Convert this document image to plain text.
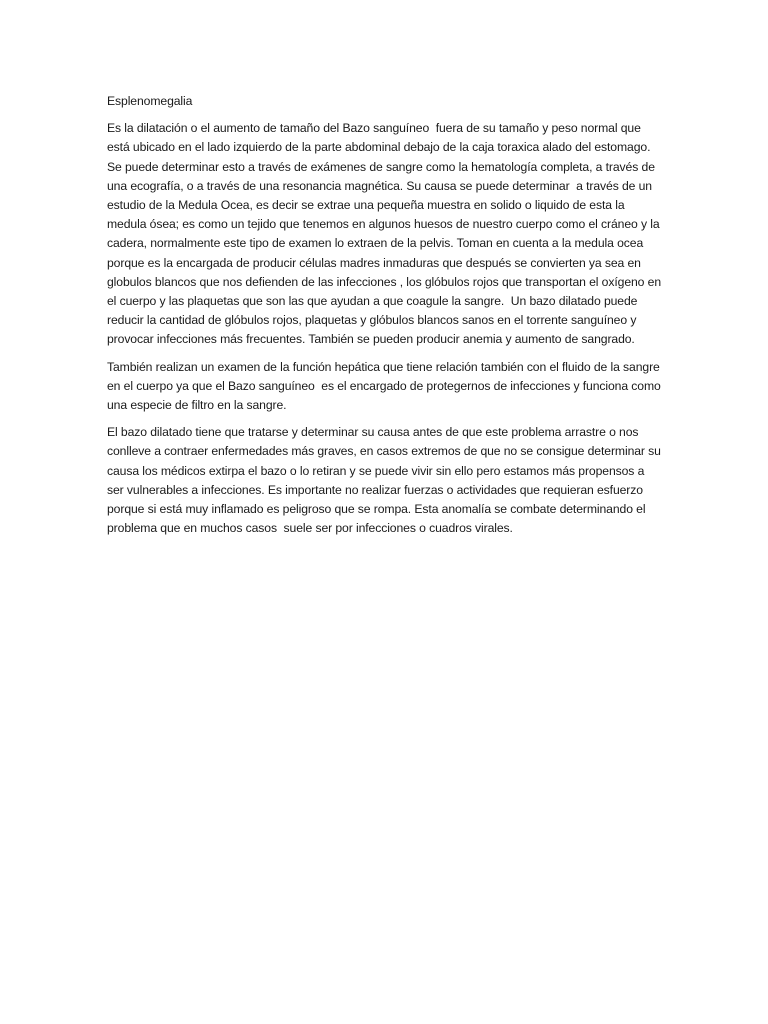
Esplenomegalia

Es la dilatación o el aumento de tamaño del Bazo sanguíneo  fuera de su tamaño y peso normal que está ubicado en el lado izquierdo de la parte abdominal debajo de la caja toraxica alado del estomago. Se puede determinar esto a través de exámenes de sangre como la hematología completa, a través de una ecografía, o a través de una resonancia magnética. Su causa se puede determinar  a través de un estudio de la Medula Ocea, es decir se extrae una pequeña muestra en solido o liquido de esta la medula ósea; es como un tejido que tenemos en algunos huesos de nuestro cuerpo como el cráneo y la cadera, normalmente este tipo de examen lo extraen de la pelvis. Toman en cuenta a la medula ocea porque es la encargada de producir células madres inmaduras que después se convierten ya sea en globulos blancos que nos defienden de las infecciones , los glóbulos rojos que transportan el oxígeno en el cuerpo y las plaquetas que son las que ayudan a que coagule la sangre.  Un bazo dilatado puede reducir la cantidad de glóbulos rojos, plaquetas y glóbulos blancos sanos en el torrente sanguíneo y provocar infecciones más frecuentes. También se pueden producir anemia y aumento de sangrado.

También realizan un examen de la función hepática que tiene relación también con el fluido de la sangre en el cuerpo ya que el Bazo sanguíneo  es el encargado de protegernos de infecciones y funciona como una especie de filtro en la sangre.

El bazo dilatado tiene que tratarse y determinar su causa antes de que este problema arrastre o nos conlleve a contraer enfermedades más graves, en casos extremos de que no se consigue determinar su causa los médicos extirpa el bazo o lo retiran y se puede vivir sin ello pero estamos más propensos a ser vulnerables a infecciones. Es importante no realizar fuerzas o actividades que requieran esfuerzo porque si está muy inflamado es peligroso que se rompa. Esta anomalía se combate determinando el problema que en muchos casos  suele ser por infecciones o cuadros virales.
